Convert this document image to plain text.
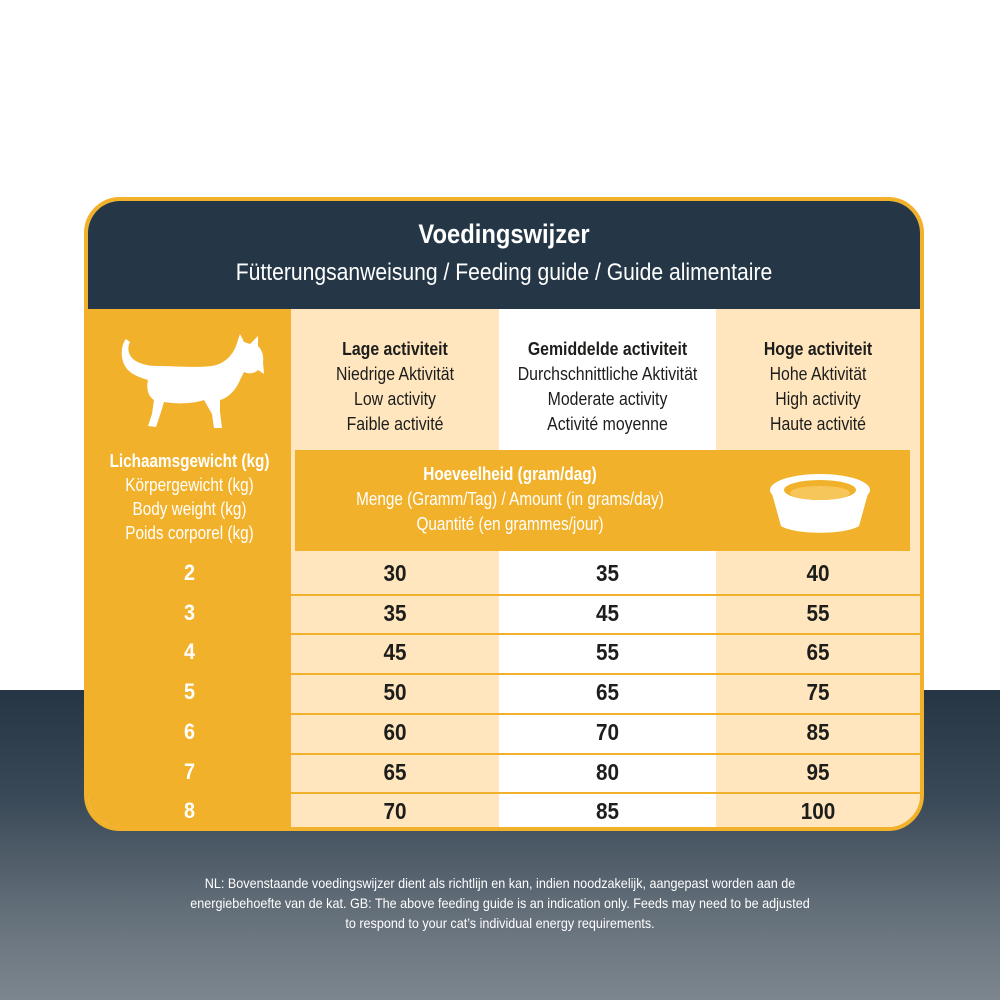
Voedingswijzer
Fütterungsanweisung / Feeding guide / Guide alimentaire
Lichaamsgewicht (kg)
Körpergewicht (kg)
Body weight (kg)
Poids corporel (kg)
Lage activiteit
Niedrige Aktivität
Low activity
Faible activité
Gemiddelde activiteit
Durchschnittliche Aktivität
Moderate activity
Activité moyenne
Hoge activiteit
Hohe Aktivität
High activity
Haute activité
Hoeveelheid (gram/dag)
Menge (Gramm/Tag) / Amount (in grams/day)
Quantité (en grammes/jour)
2	30	35	40
3	35	45	55
4	45	55	65
5	50	65	75
6	60	70	85
7	65	80	95
8	70	85	100
NL: Bovenstaande voedingswijzer dient als richtlijn en kan, indien noodzakelijk, aangepast worden aan de
energiebehoefte van de kat. GB: The above feeding guide is an indication only. Feeds may need to be adjusted
to respond to your cat’s individual energy requirements.
